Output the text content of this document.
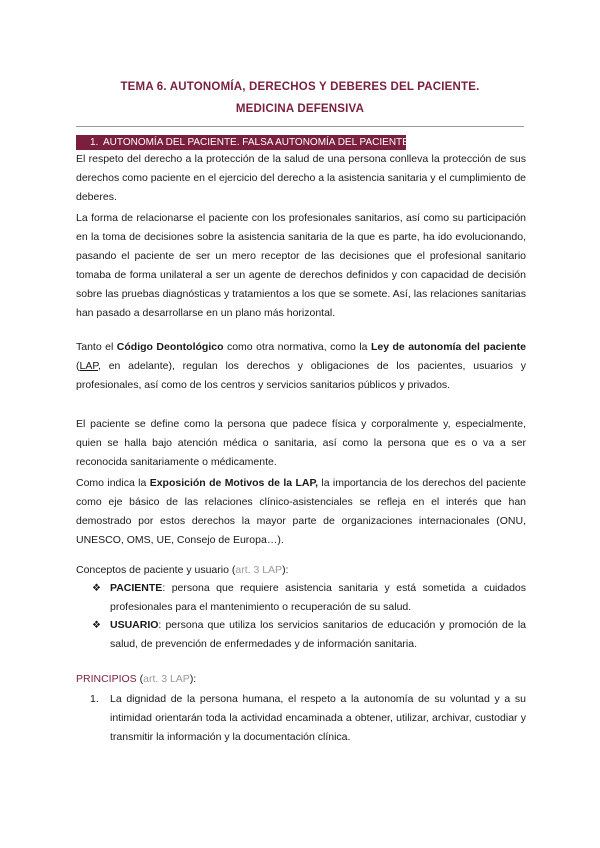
TEMA 6. AUTONOMÍA, DERECHOS Y DEBERES DEL PACIENTE.
MEDICINA DEFENSIVA
1. AUTONOMÍA DEL PACIENTE. FALSA AUTONOMÍA DEL PACIENTE
El respeto del derecho a la protección de la salud de una persona conlleva la protección de sus derechos como paciente en el ejercicio del derecho a la asistencia sanitaria y el cumplimiento de deberes.
La forma de relacionarse el paciente con los profesionales sanitarios, así como su participación en la toma de decisiones sobre la asistencia sanitaria de la que es parte, ha ido evolucionando, pasando el paciente de ser un mero receptor de las decisiones que el profesional sanitario tomaba de forma unilateral a ser un agente de derechos definidos y con capacidad de decisión sobre las pruebas diagnósticas y tratamientos a los que se somete. Así, las relaciones sanitarias han pasado a desarrollarse en un plano más horizontal.
Tanto el Código Deontológico como otra normativa, como la Ley de autonomía del paciente (LAP, en adelante), regulan los derechos y obligaciones de los pacientes, usuarios y profesionales, así como de los centros y servicios sanitarios públicos y privados.
El paciente se define como la persona que padece física y corporalmente y, especialmente, quien se halla bajo atención médica o sanitaria, así como la persona que es o va a ser reconocida sanitariamente o médicamente.
Como indica la Exposición de Motivos de la LAP, la importancia de los derechos del paciente como eje básico de las relaciones clínico-asistenciales se refleja en el interés que han demostrado por estos derechos la mayor parte de organizaciones internacionales (ONU, UNESCO, OMS, UE, Consejo de Europa…).
Conceptos de paciente y usuario (art. 3 LAP):
❖ PACIENTE: persona que requiere asistencia sanitaria y está sometida a cuidados profesionales para el mantenimiento o recuperación de su salud.
❖ USUARIO: persona que utiliza los servicios sanitarios de educación y promoción de la salud, de prevención de enfermedades y de información sanitaria.
PRINCIPIOS (art. 3 LAP):
1.	La dignidad de la persona humana, el respeto a la autonomía de su voluntad y a su intimidad orientarán toda la actividad encaminada a obtener, utilizar, archivar, custodiar y transmitir la información y la documentación clínica.
